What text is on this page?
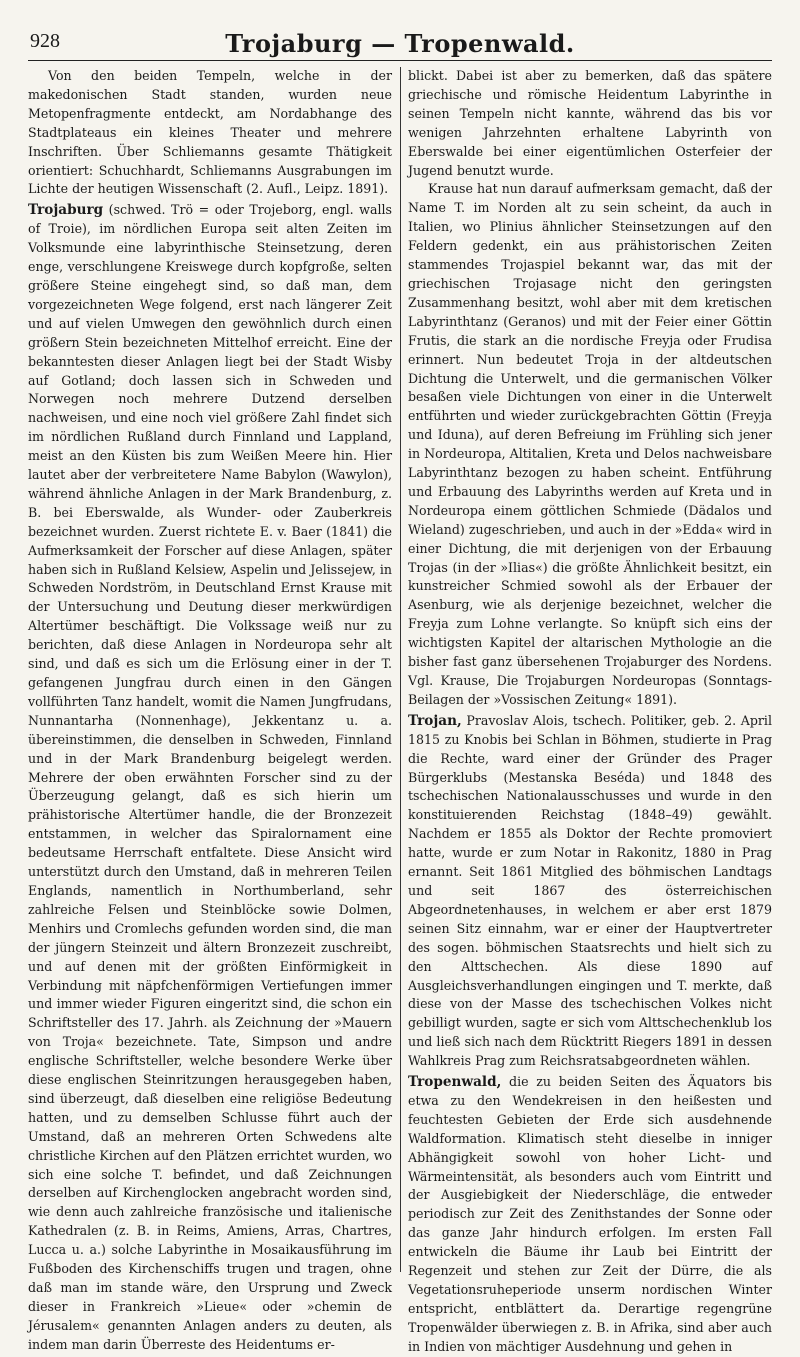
928	Trojaburg — Tropenwald.

Von den beiden Tempeln, welche in der makedonischen Stadt standen, wurden neue Metopenfragmente entdeckt, am Nordabhange des Stadtplateaus ein kleines Theater und mehrere Inschriften. Über Schliemanns gesamte Thätigkeit orientiert: Schuchhardt, Schliemanns Ausgrabungen im Lichte der heutigen Wissenschaft (2. Aufl., Leipz. 1891).

Trojaburg (schwed. Trö = oder Trojeborg, engl. walls of Troie), im nördlichen Europa seit alten Zeiten im Volksmunde eine labyrinthische Steinsetzung, deren enge, verschlungene Kreiswege durch kopfgroße, selten größere Steine eingehegt sind, so daß man, dem vorgezeichneten Wege folgend, erst nach längerer Zeit und auf vielen Umwegen den gewöhnlich durch einen größern Stein bezeichneten Mittelhof erreicht. Eine der bekanntesten dieser Anlagen liegt bei der Stadt Wisby auf Gotland; doch lassen sich in Schweden und Norwegen noch mehrere Dutzend derselben nachweisen, und eine noch viel größere Zahl findet sich im nördlichen Rußland durch Finnland und Lappland, meist an den Küsten bis zum Weißen Meere hin. Hier lautet aber der verbreitetere Name Babylon (Wawylon), während ähnliche Anlagen in der Mark Brandenburg, z. B. bei Eberswalde, als Wunder- oder Zauberkreis bezeichnet wurden. Zuerst richtete E. v. Baer (1841) die Aufmerksamkeit der Forscher auf diese Anlagen, später haben sich in Rußland Kelsiew, Aspelin und Jelissejew, in Schweden Nordström, in Deutschland Ernst Krause mit der Untersuchung und Deutung dieser merkwürdigen Altertümer beschäftigt. Die Volkssage weiß nur zu berichten, daß diese Anlagen in Nordeuropa sehr alt sind, und daß es sich um die Erlösung einer in der T. gefangenen Jungfrau durch einen in den Gängen vollführten Tanz handelt, womit die Namen Jungfrudans, Nunnantarha (Nonnenhage), Jekkentanz u. a. übereinstimmen, die denselben in Schweden, Finnland und in der Mark Brandenburg beigelegt werden. Mehrere der oben erwähnten Forscher sind zu der Überzeugung gelangt, daß es sich hierin um prähistorische Altertümer handle, die der Bronzezeit entstammen, in welcher das Spiralornament eine bedeutsame Herrschaft entfaltete. Diese Ansicht wird unterstützt durch den Umstand, daß in mehreren Teilen Englands, namentlich in Northumberland, sehr zahlreiche Felsen und Steinblöcke sowie Dolmen, Menhirs und Cromlechs gefunden worden sind, die man der jüngern Steinzeit und ältern Bronzezeit zuschreibt, und auf denen mit der größten Einförmigkeit in Verbindung mit näpfchenförmigen Vertiefungen immer und immer wieder Figuren eingeritzt sind, die schon ein Schriftsteller des 17. Jahrh. als Zeichnung der »Mauern von Troja« bezeichnete. Tate, Simpson und andre englische Schriftsteller, welche besondere Werke über diese englischen Steinritzungen herausgegeben haben, sind überzeugt, daß dieselben eine religiöse Bedeutung hatten, und zu demselben Schlusse führt auch der Umstand, daß an mehreren Orten Schwedens alte christliche Kirchen auf den Plätzen errichtet wurden, wo sich eine solche T. befindet, und daß Zeichnungen derselben auf Kirchenglocken angebracht worden sind, wie denn auch zahlreiche französische und italienische Kathedralen (z. B. in Reims, Amiens, Arras, Chartres, Lucca u. a.) solche Labyrinthe in Mosaikausführung im Fußboden des Kirchenschiffs trugen und tragen, ohne daß man im stande wäre, den Ursprung und Zweck dieser in Frankreich »Lieue« oder »chemin de Jérusalem« genannten Anlagen anders zu deuten, als indem man darin Überreste des Heidentums er-

blickt. Dabei ist aber zu bemerken, daß das spätere griechische und römische Heidentum Labyrinthe in seinen Tempeln nicht kannte, während das bis vor wenigen Jahrzehnten erhaltene Labyrinth von Eberswalde bei einer eigentümlichen Osterfeier der Jugend benutzt wurde.

Krause hat nun darauf aufmerksam gemacht, daß der Name T. im Norden alt zu sein scheint, da auch in Italien, wo Plinius ähnlicher Steinsetzungen auf den Feldern gedenkt, ein aus prähistorischen Zeiten stammendes Trojaspiel bekannt war, das mit der griechischen Trojasage nicht den geringsten Zusammenhang besitzt, wohl aber mit dem kretischen Labyrinthtanz (Geranos) und mit der Feier einer Göttin Frutis, die stark an die nordische Freyja oder Frudisa erinnert. Nun bedeutet Troja in der altdeutschen Dichtung die Unterwelt, und die germanischen Völker besaßen viele Dichtungen von einer in die Unterwelt entführten und wieder zurückgebrachten Göttin (Freyja und Iduna), auf deren Befreiung im Frühling sich jener in Nordeuropa, Altitalien, Kreta und Delos nachweisbare Labyrinthtanz bezogen zu haben scheint. Entführung und Erbauung des Labyrinths werden auf Kreta und in Nordeuropa einem göttlichen Schmiede (Dädalos und Wieland) zugeschrieben, und auch in der »Edda« wird in einer Dichtung, die mit derjenigen von der Erbauung Trojas (in der »Ilias«) die größte Ähnlichkeit besitzt, ein kunstreicher Schmied sowohl als der Erbauer der Asenburg, wie als derjenige bezeichnet, welcher die Freyja zum Lohne verlangte. So knüpft sich eins der wichtigsten Kapitel der altarischen Mythologie an die bisher fast ganz übersehenen Trojaburger des Nordens. Vgl. Krause, Die Trojaburgen Nordeuropas (Sonntags-Beilagen der »Vossischen Zeitung« 1891).

Trojan, Pravoslav Alois, tschech. Politiker, geb. 2. April 1815 zu Knobis bei Schlan in Böhmen, studierte in Prag die Rechte, ward einer der Gründer des Prager Bürgerklubs (Mestanska Beséda) und 1848 des tschechischen Nationalausschusses und wurde in den konstituierenden Reichstag (1848–49) gewählt. Nachdem er 1855 als Doktor der Rechte promoviert hatte, wurde er zum Notar in Rakonitz, 1880 in Prag ernannt. Seit 1861 Mitglied des böhmischen Landtags und seit 1867 des österreichischen Abgeordnetenhauses, in welchem er aber erst 1879 seinen Sitz einnahm, war er einer der Hauptvertreter des sogen. böhmischen Staatsrechts und hielt sich zu den Alttschechen. Als diese 1890 auf Ausgleichsverhandlungen eingingen und T. merkte, daß diese von der Masse des tschechischen Volkes nicht gebilligt wurden, sagte er sich vom Alttschechenklub los und ließ sich nach dem Rücktritt Riegers 1891 in dessen Wahlkreis Prag zum Reichsratsabgeordneten wählen.

Tropenwald, die zu beiden Seiten des Äquators bis etwa zu den Wendekreisen in den heißesten und feuchtesten Gebieten der Erde sich ausdehnende Waldformation. Klimatisch steht dieselbe in inniger Abhängigkeit sowohl von hoher Licht- und Wärmeintensität, als besonders auch vom Eintritt und der Ausgiebigkeit der Niederschläge, die entweder periodisch zur Zeit des Zenithstandes der Sonne oder das ganze Jahr hindurch erfolgen. Im ersten Fall entwickeln die Bäume ihr Laub bei Eintritt der Regenzeit und stehen zur Zeit der Dürre, die als Vegetationsruheperiode unserm nordischen Winter entspricht, entblättert da. Derartige regengrüne Tropenwälder überwiegen z. B. in Afrika, sind aber auch in Indien von mächtiger Ausdehnung und gehen in
